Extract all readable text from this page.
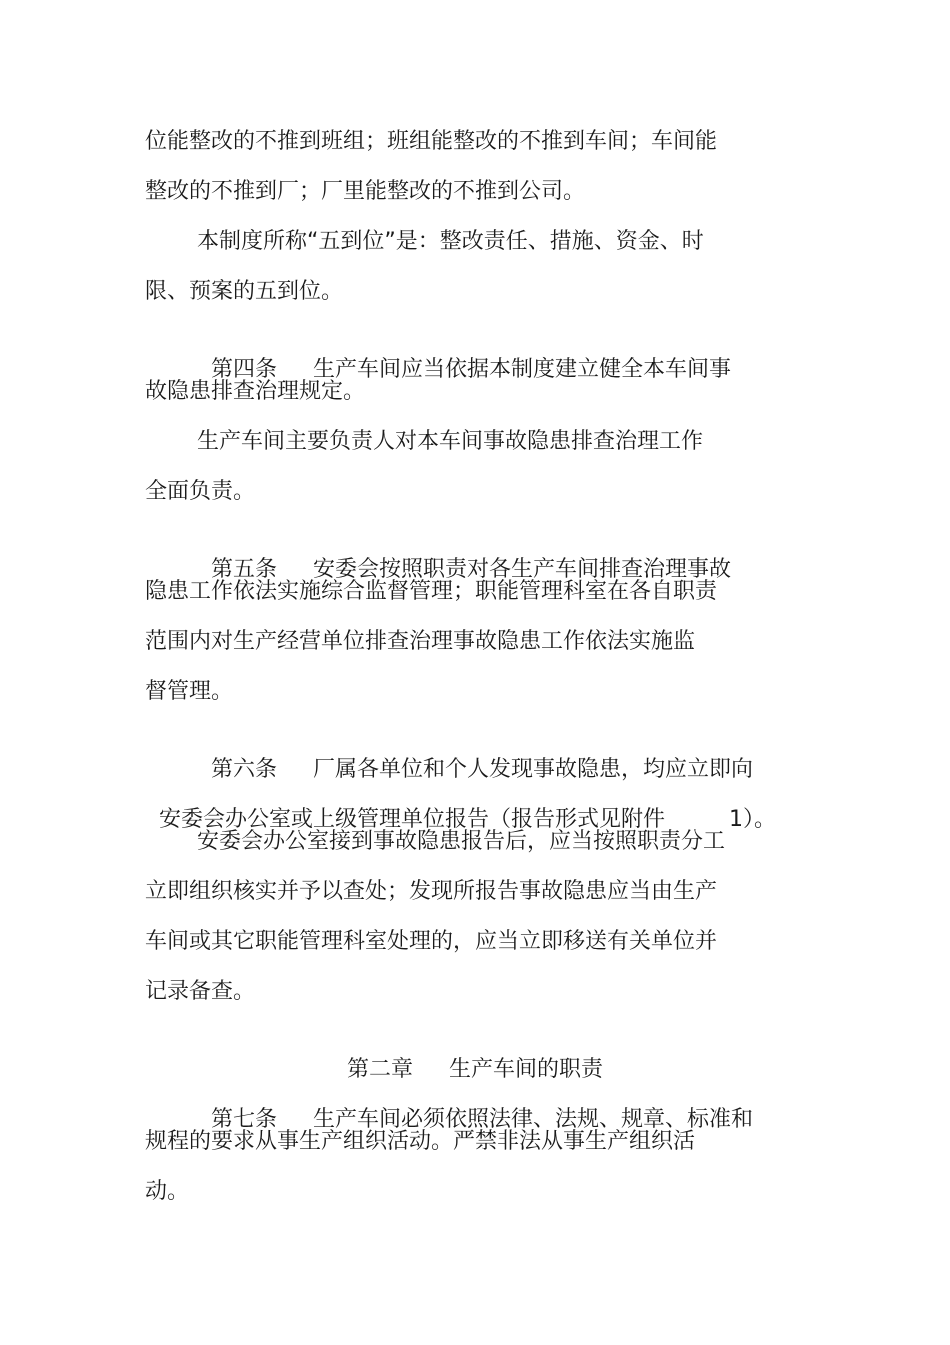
位能整改的不推到班组；班组能整改的不推到车间；车间能

整改的不推到厂；厂里能整改的不推到公司。

本制度所称“五到位”是：整改责任、措施、资金、时

限、预案的五到位。

第四条 生产车间应当依据本制度建立健全本车间事

故隐患排查治理规定。

生产车间主要负责人对本车间事故隐患排查治理工作

全面负责。

第五条 安委会按照职责对各生产车间排查治理事故

隐患工作依法实施综合监督管理；职能管理科室在各自职责

范围内对生产经营单位排查治理事故隐患工作依法实施监

督管理。

第六条 厂属各单位和个人发现事故隐患，均应立即向

安委会办公室或上级管理单位报告（报告形式见附件	1）。

安委会办公室接到事故隐患报告后，应当按照职责分工

立即组织核实并予以查处；发现所报告事故隐患应当由生产

车间或其它职能管理科室处理的，应当立即移送有关单位并

记录备查。

第二章 生产车间的职责

第七条 生产车间必须依照法律、法规、规章、标准和

规程的要求从事生产组织活动。严禁非法从事生产组织活

动。
